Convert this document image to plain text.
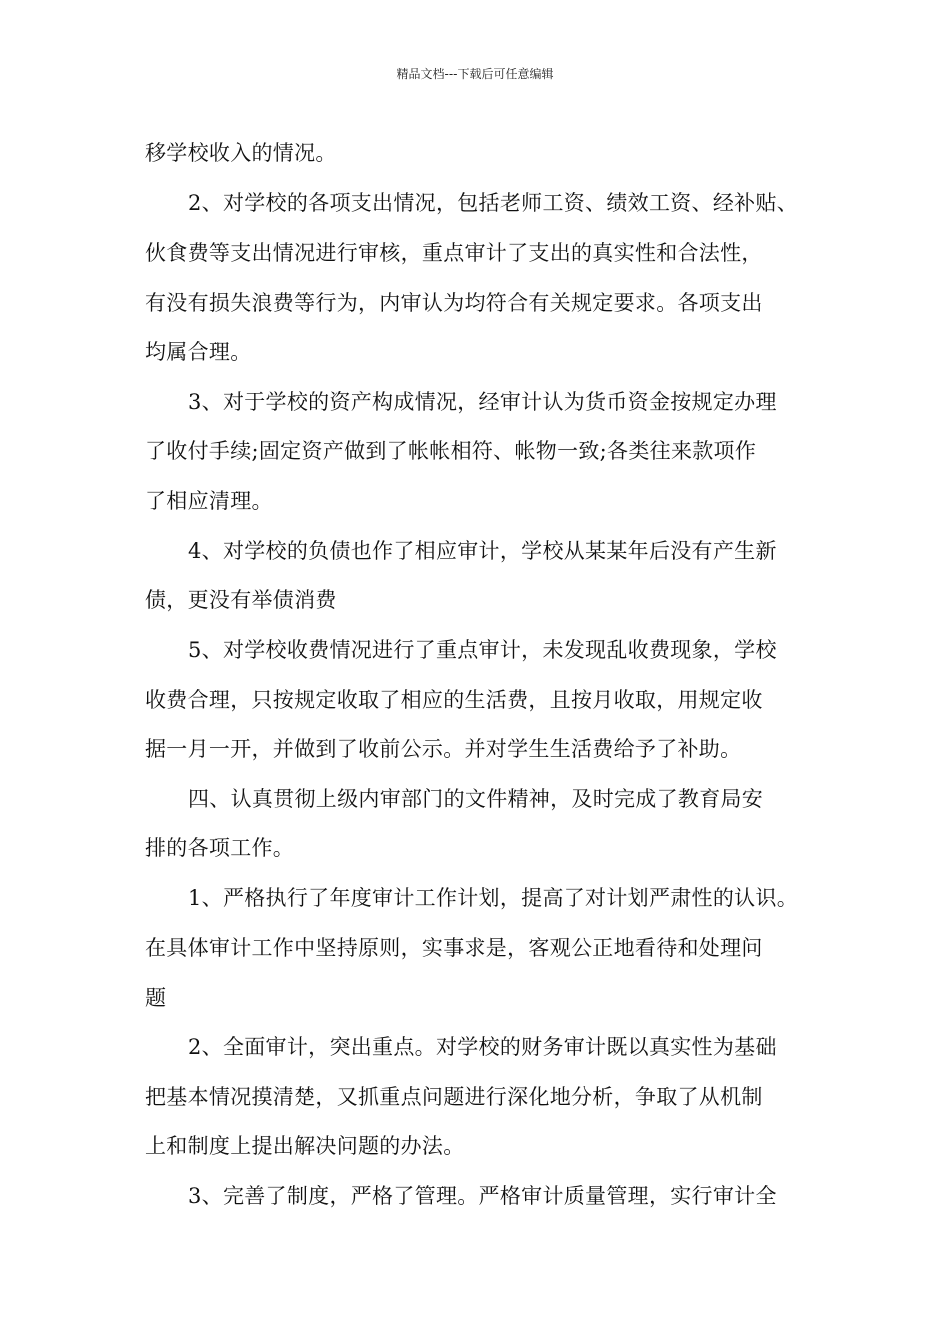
精品文档---下载后可任意编辑
移学校收入的情况。
2、对学校的各项支出情况，包括老师工资、绩效工资、经补贴、
伙食费等支出情况进行审核，重点审计了支出的真实性和合法性，
有没有损失浪费等行为，内审认为均符合有关规定要求。各项支出
均属合理。
3、对于学校的资产构成情况，经审计认为货币资金按规定办理
了收付手续;固定资产做到了帐帐相符、帐物一致;各类往来款项作
了相应清理。
4、对学校的负债也作了相应审计，学校从某某年后没有产生新
债，更没有举债消费
5、对学校收费情况进行了重点审计，未发现乱收费现象，学校
收费合理，只按规定收取了相应的生活费，且按月收取，用规定收
据一月一开，并做到了收前公示。并对学生生活费给予了补助。
四、认真贯彻上级内审部门的文件精神，及时完成了教育局安
排的各项工作。
1、严格执行了年度审计工作计划，提高了对计划严肃性的认识。
在具体审计工作中坚持原则，实事求是，客观公正地看待和处理问
题
2、全面审计，突出重点。对学校的财务审计既以真实性为基础
把基本情况摸清楚，又抓重点问题进行深化地分析，争取了从机制
上和制度上提出解决问题的办法。
3、完善了制度，严格了管理。严格审计质量管理，实行审计全
